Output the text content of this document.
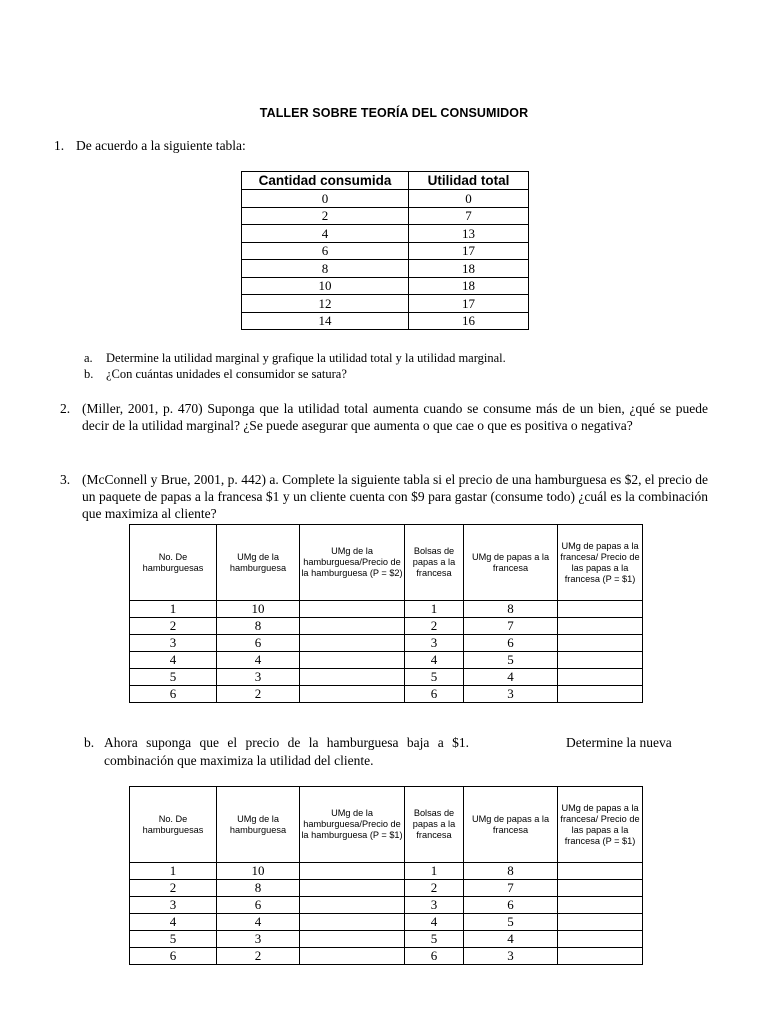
TALLER SOBRE TEORÍA DEL CONSUMIDOR
1. De acuerdo a la siguiente tabla:
Cantidad consumida	Utilidad total
0	0
2	7
4	13
6	17
8	18
10	18
12	17
14	16
a. Determine la utilidad marginal y grafique la utilidad total y la utilidad marginal.
b. ¿Con cuántas unidades el consumidor se satura?
2. (Miller, 2001, p. 470) Suponga que la utilidad total aumenta cuando se consume más de un bien, ¿qué se puede decir de la utilidad marginal? ¿Se puede asegurar que aumenta o que cae o que es positiva o negativa?
3. (McConnell y Brue, 2001, p. 442) a. Complete la siguiente tabla si el precio de una hamburguesa es $2, el precio de un paquete de papas a la francesa $1 y un cliente cuenta con $9 para gastar (consume todo) ¿cuál es la combinación que maximiza al cliente?
No. De hamburguesas	UMg de la hamburguesa	UMg de la hamburguesa/Precio de la hamburguesa (P = $2)	Bolsas de papas a la francesa	UMg de papas a la francesa	UMg de papas a la francesa/ Precio de las papas a la francesa (P = $1)
1	10		1	8	
2	8		2	7	
3	6		3	6	
4	4		4	5	
5	3		5	4	
6	2		6	3	
b. Ahora suponga que el precio de la hamburguesa baja a $1.	Determine la nueva
combinación que maximiza la utilidad del cliente.
No. De hamburguesas	UMg de la hamburguesa	UMg de la hamburguesa/Precio de la hamburguesa (P = $1)	Bolsas de papas a la francesa	UMg de papas a la francesa	UMg de papas a la francesa/ Precio de las papas a la francesa (P = $1)
1	10		1	8	
2	8		2	7	
3	6		3	6	
4	4		4	5	
5	3		5	4	
6	2		6	3	
